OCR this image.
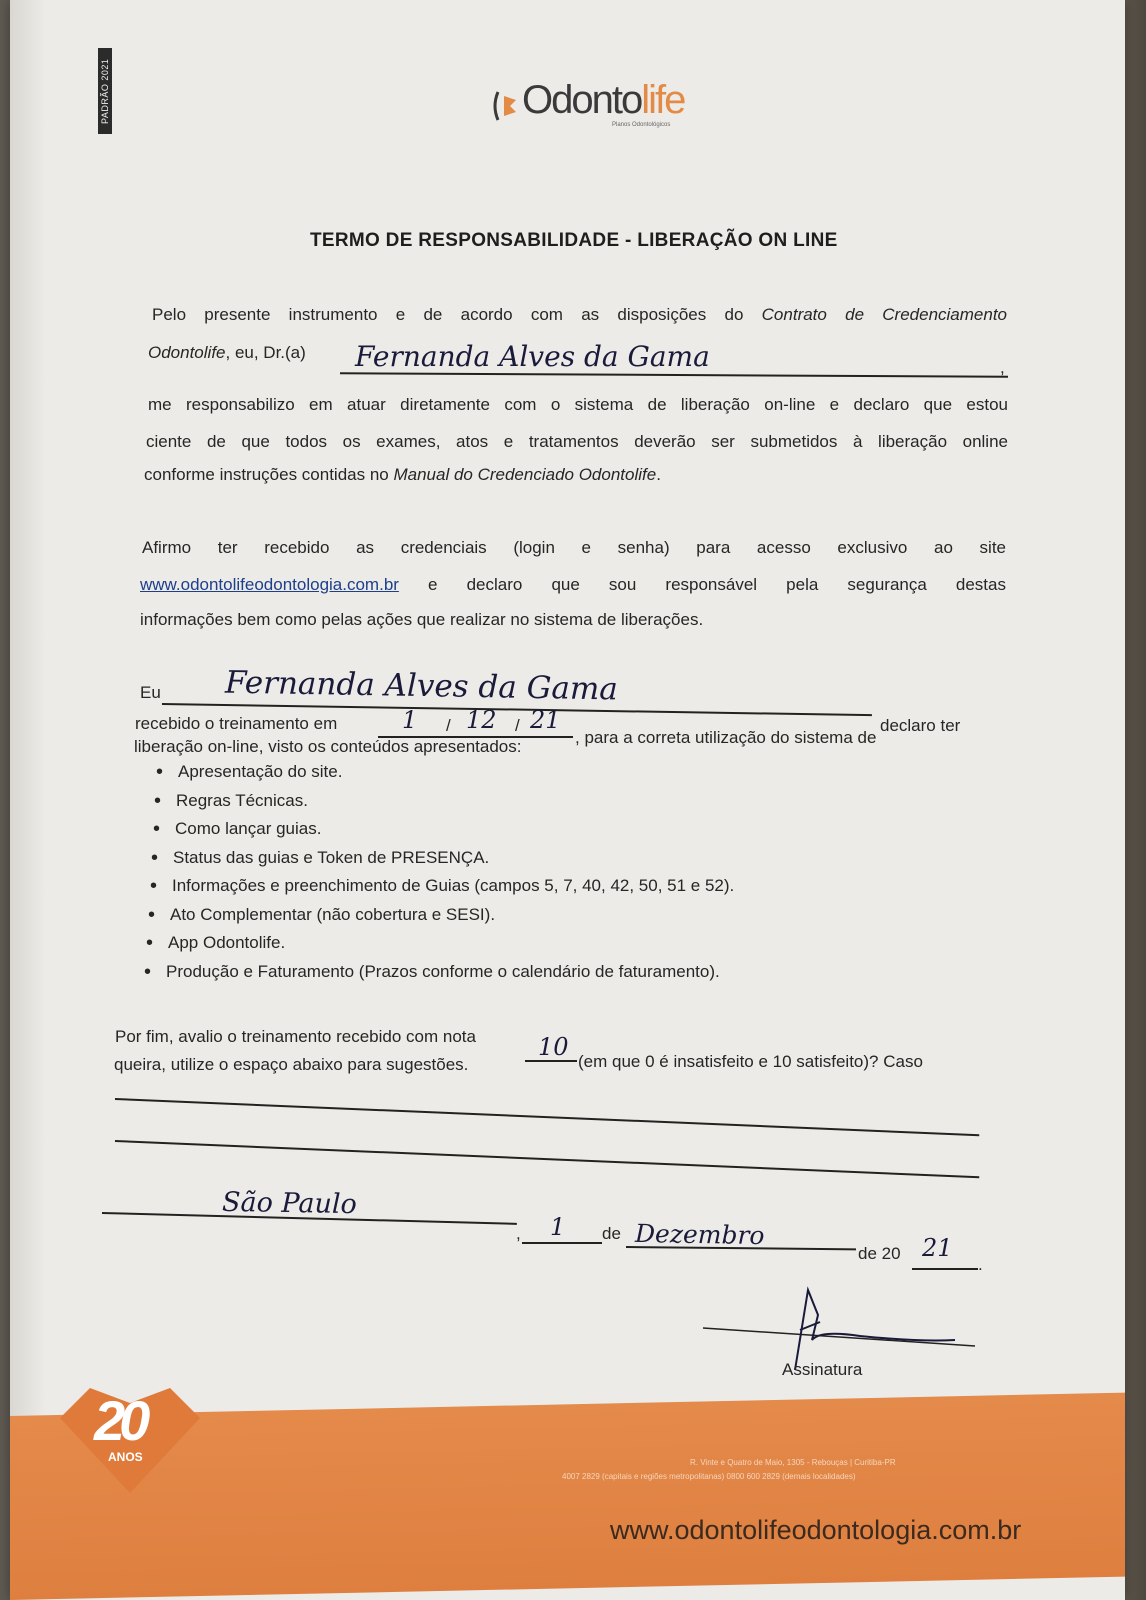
PADRÃO 2021	Odontolife
Planos Odontológicos
TERMO DE RESPONSABILIDADE - LIBERAÇÃO ON LINE
Pelo presente instrumento e de acordo com as disposições do Contrato de Credenciamento
Odontolife, eu, Dr.(a)
,
me responsabilizo em atuar diretamente com o sistema de liberação on-line e declaro que estou
ciente de que todos os exames, atos e tratamentos deverão ser submetidos à liberação online
conforme instruções contidas no Manual do Credenciado Odontolife.
Fernanda Alves da Gama
Afirmo ter recebido as credenciais (login e senha) para acesso exclusivo ao site
www.odontolifeodontologia.com.br e declaro que sou responsável pela segurança destas
informações bem como pelas ações que realizar no sistema de liberações.
Eu
declaro ter
recebido o treinamento em	/	/
, para a correta utilização do sistema de
liberação on-line, visto os conteúdos apresentados:
Fernanda Alves da Gama
1 12 21
• Apresentação do site.
• Regras Técnicas.
• Como lançar guias.
• Status das guias e Token de PRESENÇA.
• Informações e preenchimento de Guias (campos 5, 7, 40, 42, 50, 51 e 52).
• Ato Complementar (não cobertura e SESI).
• App Odontolife.
• Produção e Faturamento (Prazos conforme o calendário de faturamento).
Por fim, avalio o treinamento recebido com nota
(em que 0 é insatisfeito e 10 satisfeito)? Caso
queira, utilize o espaço abaixo para sugestões.
10
,	de
de 20
.
São Paulo
1	Dezembro	21
Assinatura
20
ANOS	R. Vinte e Quatro de Maio, 1305 - Rebouças | Curitiba-PR
4007 2829 (capitais e regiões metropolitanas) 0800 600 2829 (demais localidades)
www.odontolifeodontologia.com.br
